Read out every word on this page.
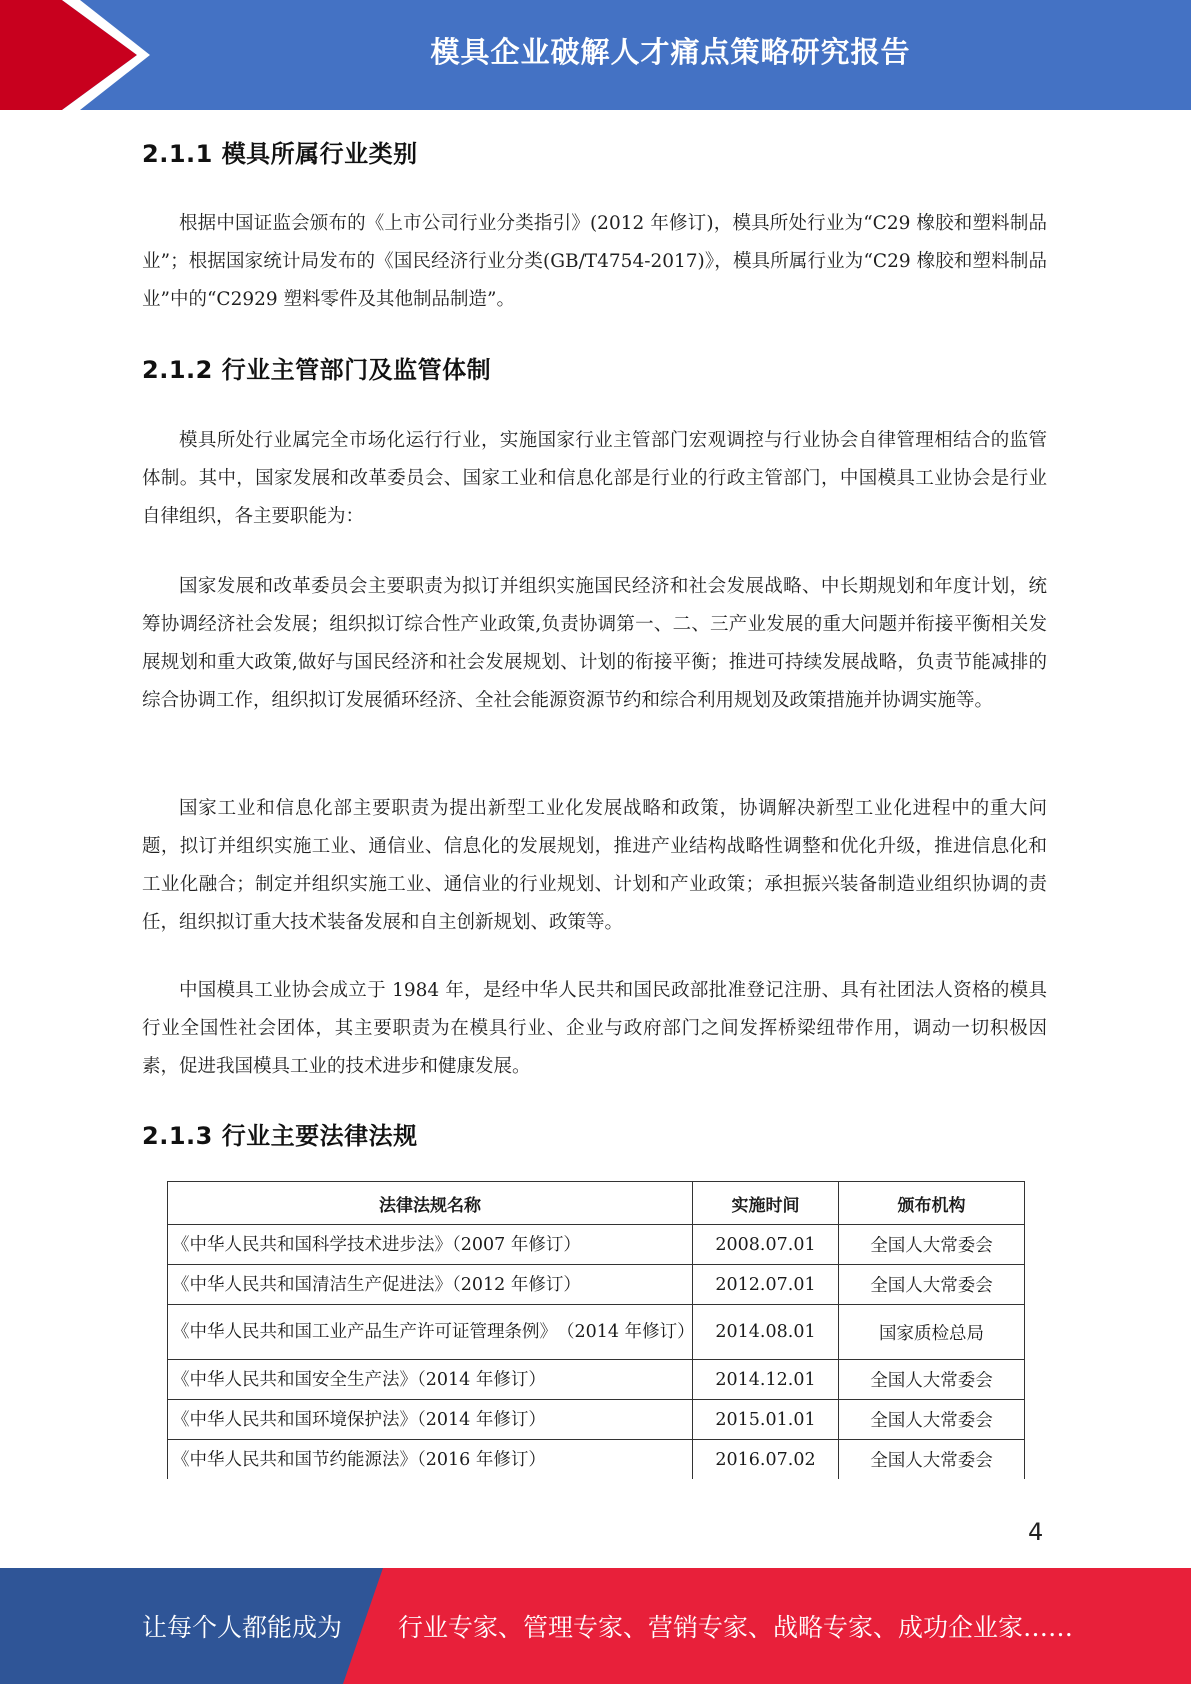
模具企业破解人才痛点策略研究报告
2.1.1 模具所属行业类别

根据中国证监会颁布的《上市公司行业分类指引》(2012 年修订)，模具所处行业为“C29 橡胶和塑料制品业”；根据国家统计局发布的《国民经济行业分类(GB/T4754-2017)》，模具所属行业为“C29 橡胶和塑料制品业”中的“C2929 塑料零件及其他制品制造”。

2.1.2 行业主管部门及监管体制

模具所处行业属完全市场化运行行业，实施国家行业主管部门宏观调控与行业协会自律管理相结合的监管体制。其中，国家发展和改革委员会、国家工业和信息化部是行业的行政主管部门，中国模具工业协会是行业自律组织，各主要职能为：

国家发展和改革委员会主要职责为拟订并组织实施国民经济和社会发展战略、中长期规划和年度计划，统筹协调经济社会发展；组织拟订综合性产业政策,负责协调第一、二、三产业发展的重大问题并衔接平衡相关发展规划和重大政策,做好与国民经济和社会发展规划、计划的衔接平衡；推进可持续发展战略，负责节能减排的综合协调工作，组织拟订发展循环经济、全社会能源资源节约和综合利用规划及政策措施并协调实施等。

国家工业和信息化部主要职责为提出新型工业化发展战略和政策，协调解决新型工业化进程中的重大问题，拟订并组织实施工业、通信业、信息化的发展规划，推进产业结构战略性调整和优化升级，推进信息化和工业化融合；制定并组织实施工业、通信业的行业规划、计划和产业政策；承担振兴装备制造业组织协调的责任，组织拟订重大技术装备发展和自主创新规划、政策等。

中国模具工业协会成立于 1984 年，是经中华人民共和国民政部批准登记注册、具有社团法人资格的模具行业全国性社会团体，其主要职责为在模具行业、企业与政府部门之间发挥桥梁纽带作用，调动一切积极因素，促进我国模具工业的技术进步和健康发展。

2.1.3 行业主要法律法规
法律法规名称	实施时间	颁布机构
《中华人民共和国科学技术进步法》（2007 年修订）	2008.07.01	全国人大常委会
《中华人民共和国清洁生产促进法》（2012 年修订）	2012.07.01	全国人大常委会
《中华人民共和国工业产品生产许可证管理条例》　（2014 年修订）	2014.08.01	国家质检总局
《中华人民共和国安全生产法》（2014 年修订）	2014.12.01	全国人大常委会
《中华人民共和国环境保护法》（2014 年修订）	2015.01.01	全国人大常委会
《中华人民共和国节约能源法》（2016 年修订）	2016.07.02	全国人大常委会
4
让每个人都能成为 行业专家、管理专家、营销专家、战略专家、成功企业家……
